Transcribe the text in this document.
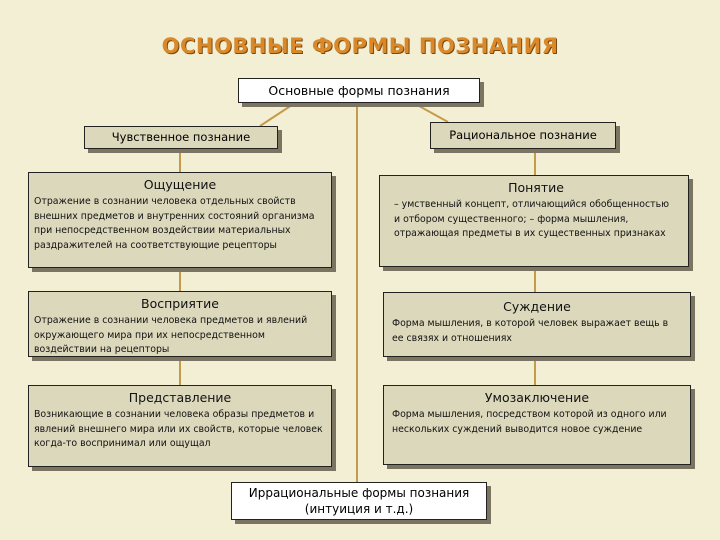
ОСНОВНЫЕ ФОРМЫ ПОЗНАНИЯ
Основные формы познания
Чувственное познание	Рациональное познание
Ощущение
Отражение в сознании человека отдельных свойств внешних предметов и внутренних состояний организма при непосредственном воздействии материальных раздражителей на соответствующие рецепторы
Восприятие
Отражение в сознании человека предметов и явлений окружающего мира при их непосредственном воздействии на рецепторы
Представление
Возникающие в сознании человека образы предметов и явлений внешнего мира или их свойств, которые человек когда-то воспринимал или ощущал
Понятие
– умственный концепт, отличающийся обобщенностью и отбором существенного; – форма мышления, отражающая предметы в их существенных признаках
Суждение
Форма мышления, в которой человек выражает вещь в ее связях и отношениях
Умозаключение
Форма мышления, посредством которой из одного или нескольких суждений выводится новое суждение
Иррациональные формы познания
(интуиция и т.д.)
